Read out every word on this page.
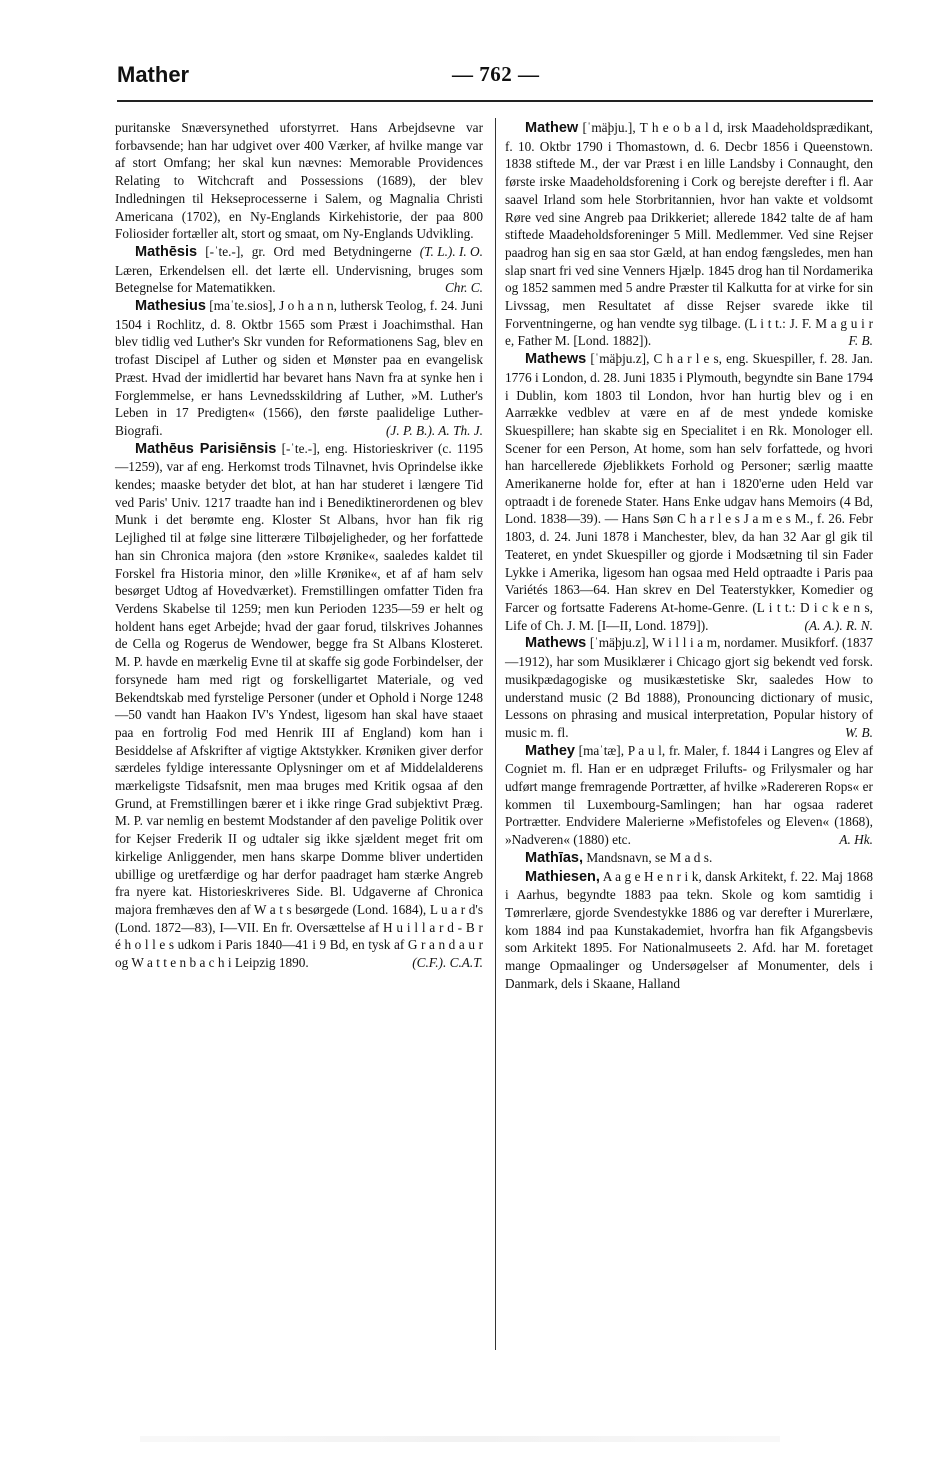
Mather	— 762 —

puritanske Snæversynethed uforstyrret. Hans Arbejdsevne var forbavsende; han har udgivet over 400 Værker, af hvilke mange var af stort Omfang; her skal kun nævnes: Memorable Providences Relating to Witchcraft and Possessions (1689), der blev Indledningen til Hekseprocesserne i Salem, og Magnalia Christi Americana (1702), en Ny-Englands Kirkehistorie, der paa 800 Foliosider fortæller alt, stort og smaat, om Ny-Englands Udvikling.
(T. L.). I. O.

Mathēsis [-ˈte.-], gr. Ord med Betydningerne Læren, Erkendelsen ell. det lærte ell. Undervisning, bruges som Betegnelse for Matematikken.	Chr. C.

Mathesius [maˈte.sios], J o h a n n, luthersk Teolog, f. 24. Juni 1504 i Rochlitz, d. 8. Oktbr 1565 som Præst i Joachimsthal. Han blev tidlig ved Luther's Skr vunden for Reformationens Sag, blev en trofast Discipel af Luther og siden et Mønster paa en evangelisk Præst. Hvad der imidlertid har bevaret hans Navn fra at synke hen i Forglemmelse, er hans Levnedsskildring af Luther, »M. Luther's Leben in 17 Predigten« (1566), den første paalidelige Luther-Biografi.	(J. P. B.). A. Th. J.

Mathēus Parisiēnsis [-ˈte.-], eng. Historieskriver (c. 1195—1259), var af eng. Herkomst trods Tilnavnet, hvis Oprindelse ikke kendes; maaske betyder det blot, at han har studeret i længere Tid ved Paris' Univ. 1217 traadte han ind i Benediktinerordenen og blev Munk i det berømte eng. Kloster St Albans, hvor han fik rig Lejlighed til at følge sine litterære Tilbøjeligheder, og her forfattede han sin Chronica majora (den »store Krønike«, saaledes kaldet til Forskel fra Historia minor, den »lille Krønike«, et af af ham selv besørget Udtog af Hovedværket). Fremstillingen omfatter Tiden fra Verdens Skabelse til 1259; men kun Perioden 1235—59 er helt og holdent hans eget Arbejde; hvad der gaar forud, tilskrives Johannes de Cella og Rogerus de Wendower, begge fra St Albans Klosteret. M. P. havde en mærkelig Evne til at skaffe sig gode Forbindelser, der forsynede ham med rigt og forskelligartet Materiale, og ved Bekendtskab med fyrstelige Personer (under et Ophold i Norge 1248—50 vandt han Haakon IV's Yndest, ligesom han skal have staaet paa en fortrolig Fod med Henrik III af England) kom han i Besiddelse af Afskrifter af vigtige Aktstykker. Krøniken giver derfor særdeles fyldige interessante Oplysninger om et af Middelalderens mærkeligste Tidsafsnit, men maa bruges med Kritik ogsaa af den Grund, at Fremstillingen bærer et i ikke ringe Grad subjektivt Præg. M. P. var nemlig en bestemt Modstander af den pavelige Politik over for Kejser Frederik II og udtaler sig ikke sjældent meget frit om kirkelige Anliggender, men hans skarpe Domme bliver undertiden ubillige og uretfærdige og har derfor paadraget ham stærke Angreb fra nyere kat. Historieskriveres Side. Bl. Udgaverne af Chronica majora fremhæves den af W a t s besørgede (Lond. 1684), L u a r d's (Lond. 1872—83), I—VII. En fr. Oversættelse af H u i l l a r d - B r é h o l l e s udkom i Paris 1840—41 i 9 Bd, en tysk af G r a n d a u r og W a t t e n b a c h i Leipzig 1890.	(C.F.). C.A.T.

Mathew [ˈmäþju.], T h e o b a l d, irsk Maadeholdsprædikant, f. 10. Oktbr 1790 i Thomastown, d. 6. Decbr 1856 i Queenstown. 1838 stiftede M., der var Præst i en lille Landsby i Connaught, den første irske Maadeholdsforening i Cork og berejste derefter i fl. Aar saavel Irland som hele Storbritannien, hvor han vakte et voldsomt Røre ved sine Angreb paa Drikkeriet; allerede 1842 talte de af ham stiftede Maadeholdsforeninger 5 Mill. Medlemmer. Ved sine Rejser paadrog han sig en saa stor Gæld, at han endog fængsledes, men han slap snart fri ved sine Venners Hjælp. 1845 drog han til Nordamerika og 1852 sammen med 5 andre Præster til Kalkutta for at virke for sin Livssag, men Resultatet af disse Rejser svarede ikke til Forventningerne, og han vendte syg tilbage. (L i t t.: J. F. M a g u i r e, Father M. [Lond. 1882]).	F. B.

Mathews [ˈmäþju.z], C h a r l e s, eng. Skuespiller, f. 28. Jan. 1776 i London, d. 28. Juni 1835 i Plymouth, begyndte sin Bane 1794 i Dublin, kom 1803 til London, hvor han hurtig blev og i en Aarrække vedblev at være en af de mest yndede komiske Skuespillere; han skabte sig en Specialitet i en Rk. Monologer ell. Scener for een Person, At home, som han selv forfattede, og hvori han harcellerede Øjeblikkets Forhold og Personer; særlig maatte Amerikanerne holde for, efter at han i 1820'erne uden Held var optraadt i de forenede Stater. Hans Enke udgav hans Memoirs (4 Bd, Lond. 1838—39). — Hans Søn C h a r l e s J a m e s M., f. 26. Febr 1803, d. 24. Juni 1878 i Manchester, blev, da han 32 Aar gl gik til Teateret, en yndet Skuespiller og gjorde i Modsætning til sin Fader Lykke i Amerika, ligesom han ogsaa med Held optraadte i Paris paa Variétés 1863—64. Han skrev en Del Teaterstykker, Komedier og Farcer og fortsatte Faderens At-home-Genre. (L i t t.: D i c k e n s, Life of Ch. J. M. [I—II, Lond. 1879]).	(A. A.). R. N.

Mathews [ˈmäþju.z], W i l l i a m, nordamer. Musikforf. (1837—1912), har som Musiklærer i Chicago gjort sig bekendt ved forsk. musikpædagogiske og musikæstetiske Skr, saaledes How to understand music (2 Bd 1888), Pronouncing dictionary of music, Lessons on phrasing and musical interpretation, Popular history of music m. fl.	W. B.

Mathey [maˈtæ], P a u l, fr. Maler, f. 1844 i Langres og Elev af Cogniet m. fl. Han er en udpræget Frilufts- og Frilysmaler og har udført mange fremragende Portrætter, af hvilke »Radereren Rops« er kommen til Luxembourg-Samlingen; han har ogsaa raderet Portrætter. Endvidere Malerierne »Mefistofeles og Eleven« (1868), »Nadveren« (1880) etc.	A. Hk.

Mathīas, Mandsnavn, se M a d s.

Mathiesen, A a g e H e n r i k, dansk Arkitekt, f. 22. Maj 1868 i Aarhus, begyndte 1883 paa tekn. Skole og kom samtidig i Tømrerlære, gjorde Svendestykke 1886 og var derefter i Murerlære, kom 1884 ind paa Kunstakademiet, hvorfra han fik Afgangsbevis som Arkitekt 1895. For Nationalmuseets 2. Afd. har M. foretaget mange Opmaalinger og Undersøgelser af Monumenter, dels i Danmark, dels i Skaane, Halland
